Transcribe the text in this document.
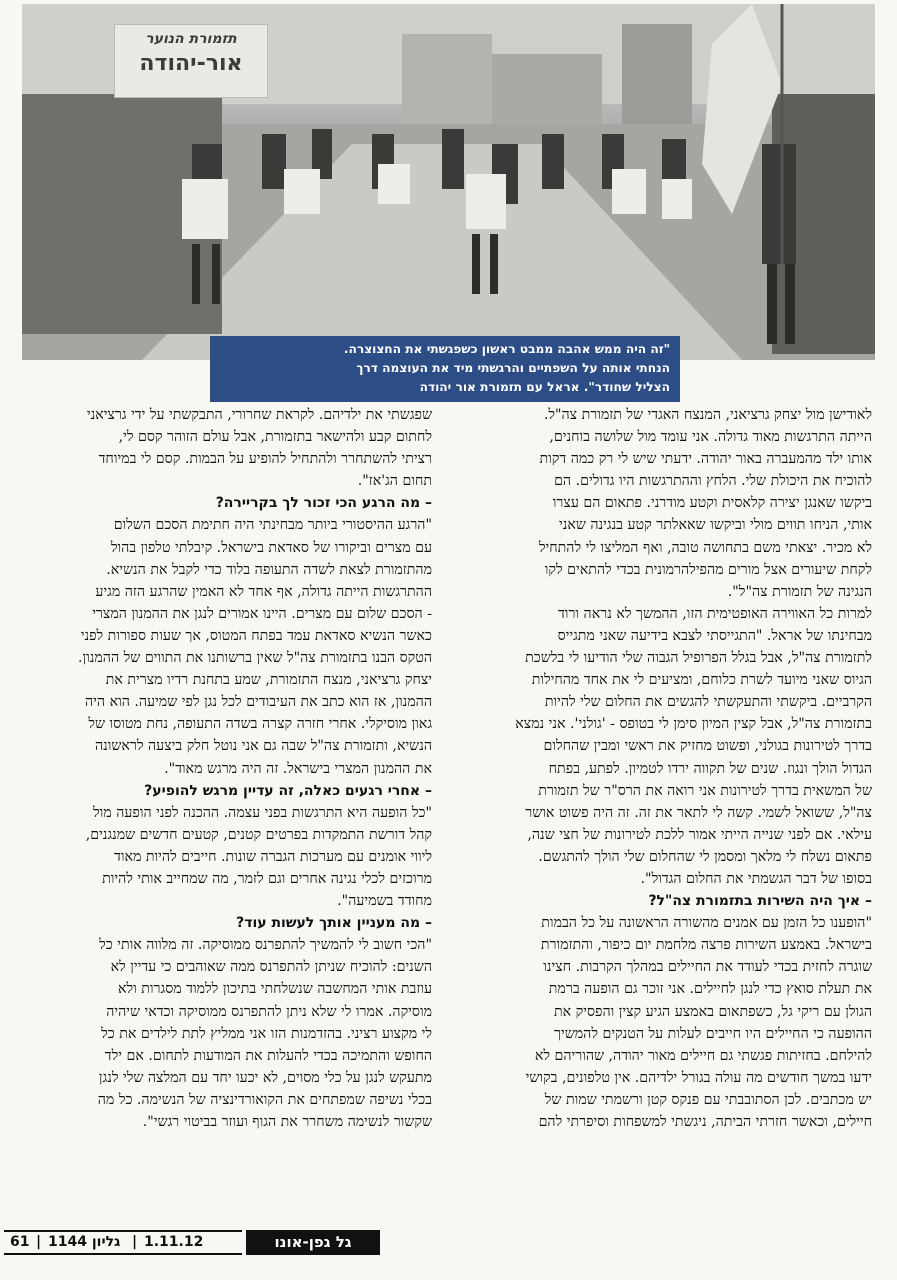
תזמורת הנוער
אור-יהודה
"זה היה ממש אהבה ממבט ראשון כשפגשתי את החצוצרה.
הנחתי אותה על השפתיים והרגשתי מיד את העוצמה דרך
הצליל שחודר". אראל עם תזמורת אור יהודה

לאודישן מול יצחק גרציאני, המנצח האגדי של תזמורת צה"ל.

הייתה התרגשות מאוד גדולה. אני עומד מול שלושה בוחנים,

אותו ילד מהמעברה באור יהודה. ידעתי שיש לי רק כמה דקות

להוכיח את היכולת שלי. הלחץ וההתרגשות היו גדולים. הם

ביקשו שאנגן יצירה קלאסית וקטע מודרני. פתאום הם עצרו

אותי, הניחו תווים מולי וביקשו שאאלתר קטע בנגינה שאני

לא מכיר. יצאתי משם בתחושה טובה, ואף המליצו לי להתחיל

לקחת שיעורים אצל מורים מהפילהרמונית בכדי להתאים לקו

הנגינה של תזמורת צה"ל".

למרות כל האווירה האופטימית הזו, ההמשך לא נראה ורוד

מבחינתו של אראל. "התגייסתי לצבא בידיעה שאני מתגייס

לתזמורת צה"ל, אבל בגלל הפרופיל הגבוה שלי הודיעו לי בלשכת

הגיוס שאני מיועד לשרת כלוחם, ומציעים לי את אחד מהחילות

הקרביים. ביקשתי והתעקשתי להגשים את החלום שלי להיות

בתזמורת צה"ל, אבל קצין המיון סימן לי בטופס - 'גולני'. אני נמצא

בדרך לטירונות בגולני, ופשוט מחזיק את ראשי ומבין שהחלום

הגדול הולך ונגוז. שנים של תקווה ירדו לטמיון. לפתע, בפתח

של המשאית בדרך לטירונות אני רואה את הרס"ר של תזמורת

צה"ל, ששואל לשמי. קשה לי לתאר את זה. זה היה פשוט אושר

עילאי. אם לפני שנייה הייתי אמור ללכת לטירונות של חצי שנה,

פתאום נשלח לי מלאך ומסמן לי שהחלום שלי הולך להתגשם.

בסופו של דבר הגשמתי את החלום הגדול".

– איך היה השירות בתזמורת צה"ל?

"הופענו כל הזמן עם אמנים מהשורה הראשונה על כל הבמות

בישראל. באמצע השירות פרצה מלחמת יום כיפור, והתזמורת

שוגרה לחזית בכדי לעודד את החיילים במהלך הקרבות. חצינו

את תעלת סואץ כדי לנגן לחיילים. אני זוכר גם הופעה ברמת

הגולן עם ריקי גל, כשפתאום באמצע הגיע קצין והפסיק את

ההופעה כי החיילים היו חייבים לעלות על הטנקים להמשיך

להילחם. בחזיתות פגשתי גם חיילים מאור יהודה, שהוריהם לא

ידעו במשך חודשים מה עולה בגורל ילדיהם. אין טלפונים, בקושי

יש מכתבים. לכן הסתובבתי עם פנקס קטן ורשמתי שמות של

חיילים, וכאשר חזרתי הביתה, ניגשתי למשפחות וסיפרתי להם

שפגשתי את ילדיהם. לקראת שחרורי, התבקשתי על ידי גרציאני

לחתום קבע ולהישאר בתזמורת, אבל עולם הזוהר קסם לי,

רציתי להשתחרר ולהתחיל להופיע על הבמות. קסם לי במיוחד

תחום הג'אז".

– מה הרגע הכי זכור לך בקריירה?

"הרגע ההיסטורי ביותר מבחינתי היה חתימת הסכם השלום

עם מצרים וביקורו של סאדאת בישראל. קיבלתי טלפון בהול

מהתזמורת לצאת לשדה התעופה בלוד כדי לקבל את הנשיא.

ההתרגשות הייתה גדולה, אף אחד לא האמין שהרגע הזה מגיע

- הסכם שלום עם מצרים. היינו אמורים לנגן את ההמנון המצרי

כאשר הנשיא סאדאת עמד בפתח המטוס, אך שעות ספורות לפני

הטקס הבנו בתזמורת צה"ל שאין ברשותנו את התווים של ההמנון.

יצחק גרציאני, מנצח התזמורת, שמע בתחנת רדיו מצרית את

ההמנון, אז הוא כתב את העיבודים לכל נגן לפי שמיעה. הוא היה

גאון מוסיקלי. אחרי חזרה קצרה בשדה התעופה, נחת מטוסו של

הנשיא, ותזמורת צה"ל שבה גם אני נוטל חלק ביצעה לראשונה

את ההמנון המצרי בישראל. זה היה מרגש מאוד".

– אחרי רגעים כאלה, זה עדיין מרגש להופיע?

"כל הופעה היא התרגשות בפני עצמה. ההכנה לפני הופעה מול

קהל דורשת התמקדות בפרטים קטנים, קטעים חדשים שמנגנים,

ליווי אומנים עם מערכות הגברה שונות. חייבים להיות מאוד

מרוכזים לכלי נגינה אחרים וגם לזמר, מה שמחייב אותי להיות

מחודד בשמיעה".

– מה מעניין אותך לעשות עוד?

"הכי חשוב לי להמשיך להתפרנס ממוסיקה. זה מלווה אותי כל

השנים: להוכיח שניתן להתפרנס ממה שאוהבים כי עדיין לא

עוזבת אותי המחשבה שנשלחתי בתיכון ללמוד מסגרות ולא

מוסיקה. אמרו לי שלא ניתן להתפרנס ממוסיקה וכדאי שיהיה

לי מקצוע רציני. בהזדמנות הזו אני ממליץ לתת לילדים את כל

החופש והתמיכה בכדי להעלות את המודעות לתחום. אם ילד

מתעקש לנגן על כלי מסוים, לא יכעו יחד עם המלצה שלי לנגן

בכלי נשיפה שמפתחים את הקואורדינציה של הנשימה. כל מה

שקשור לנשימה משחרר את הגוף ועוזר בביטוי רגשי".

גל גפן-אונו
61 | גליון 1144 | 1.11.12
